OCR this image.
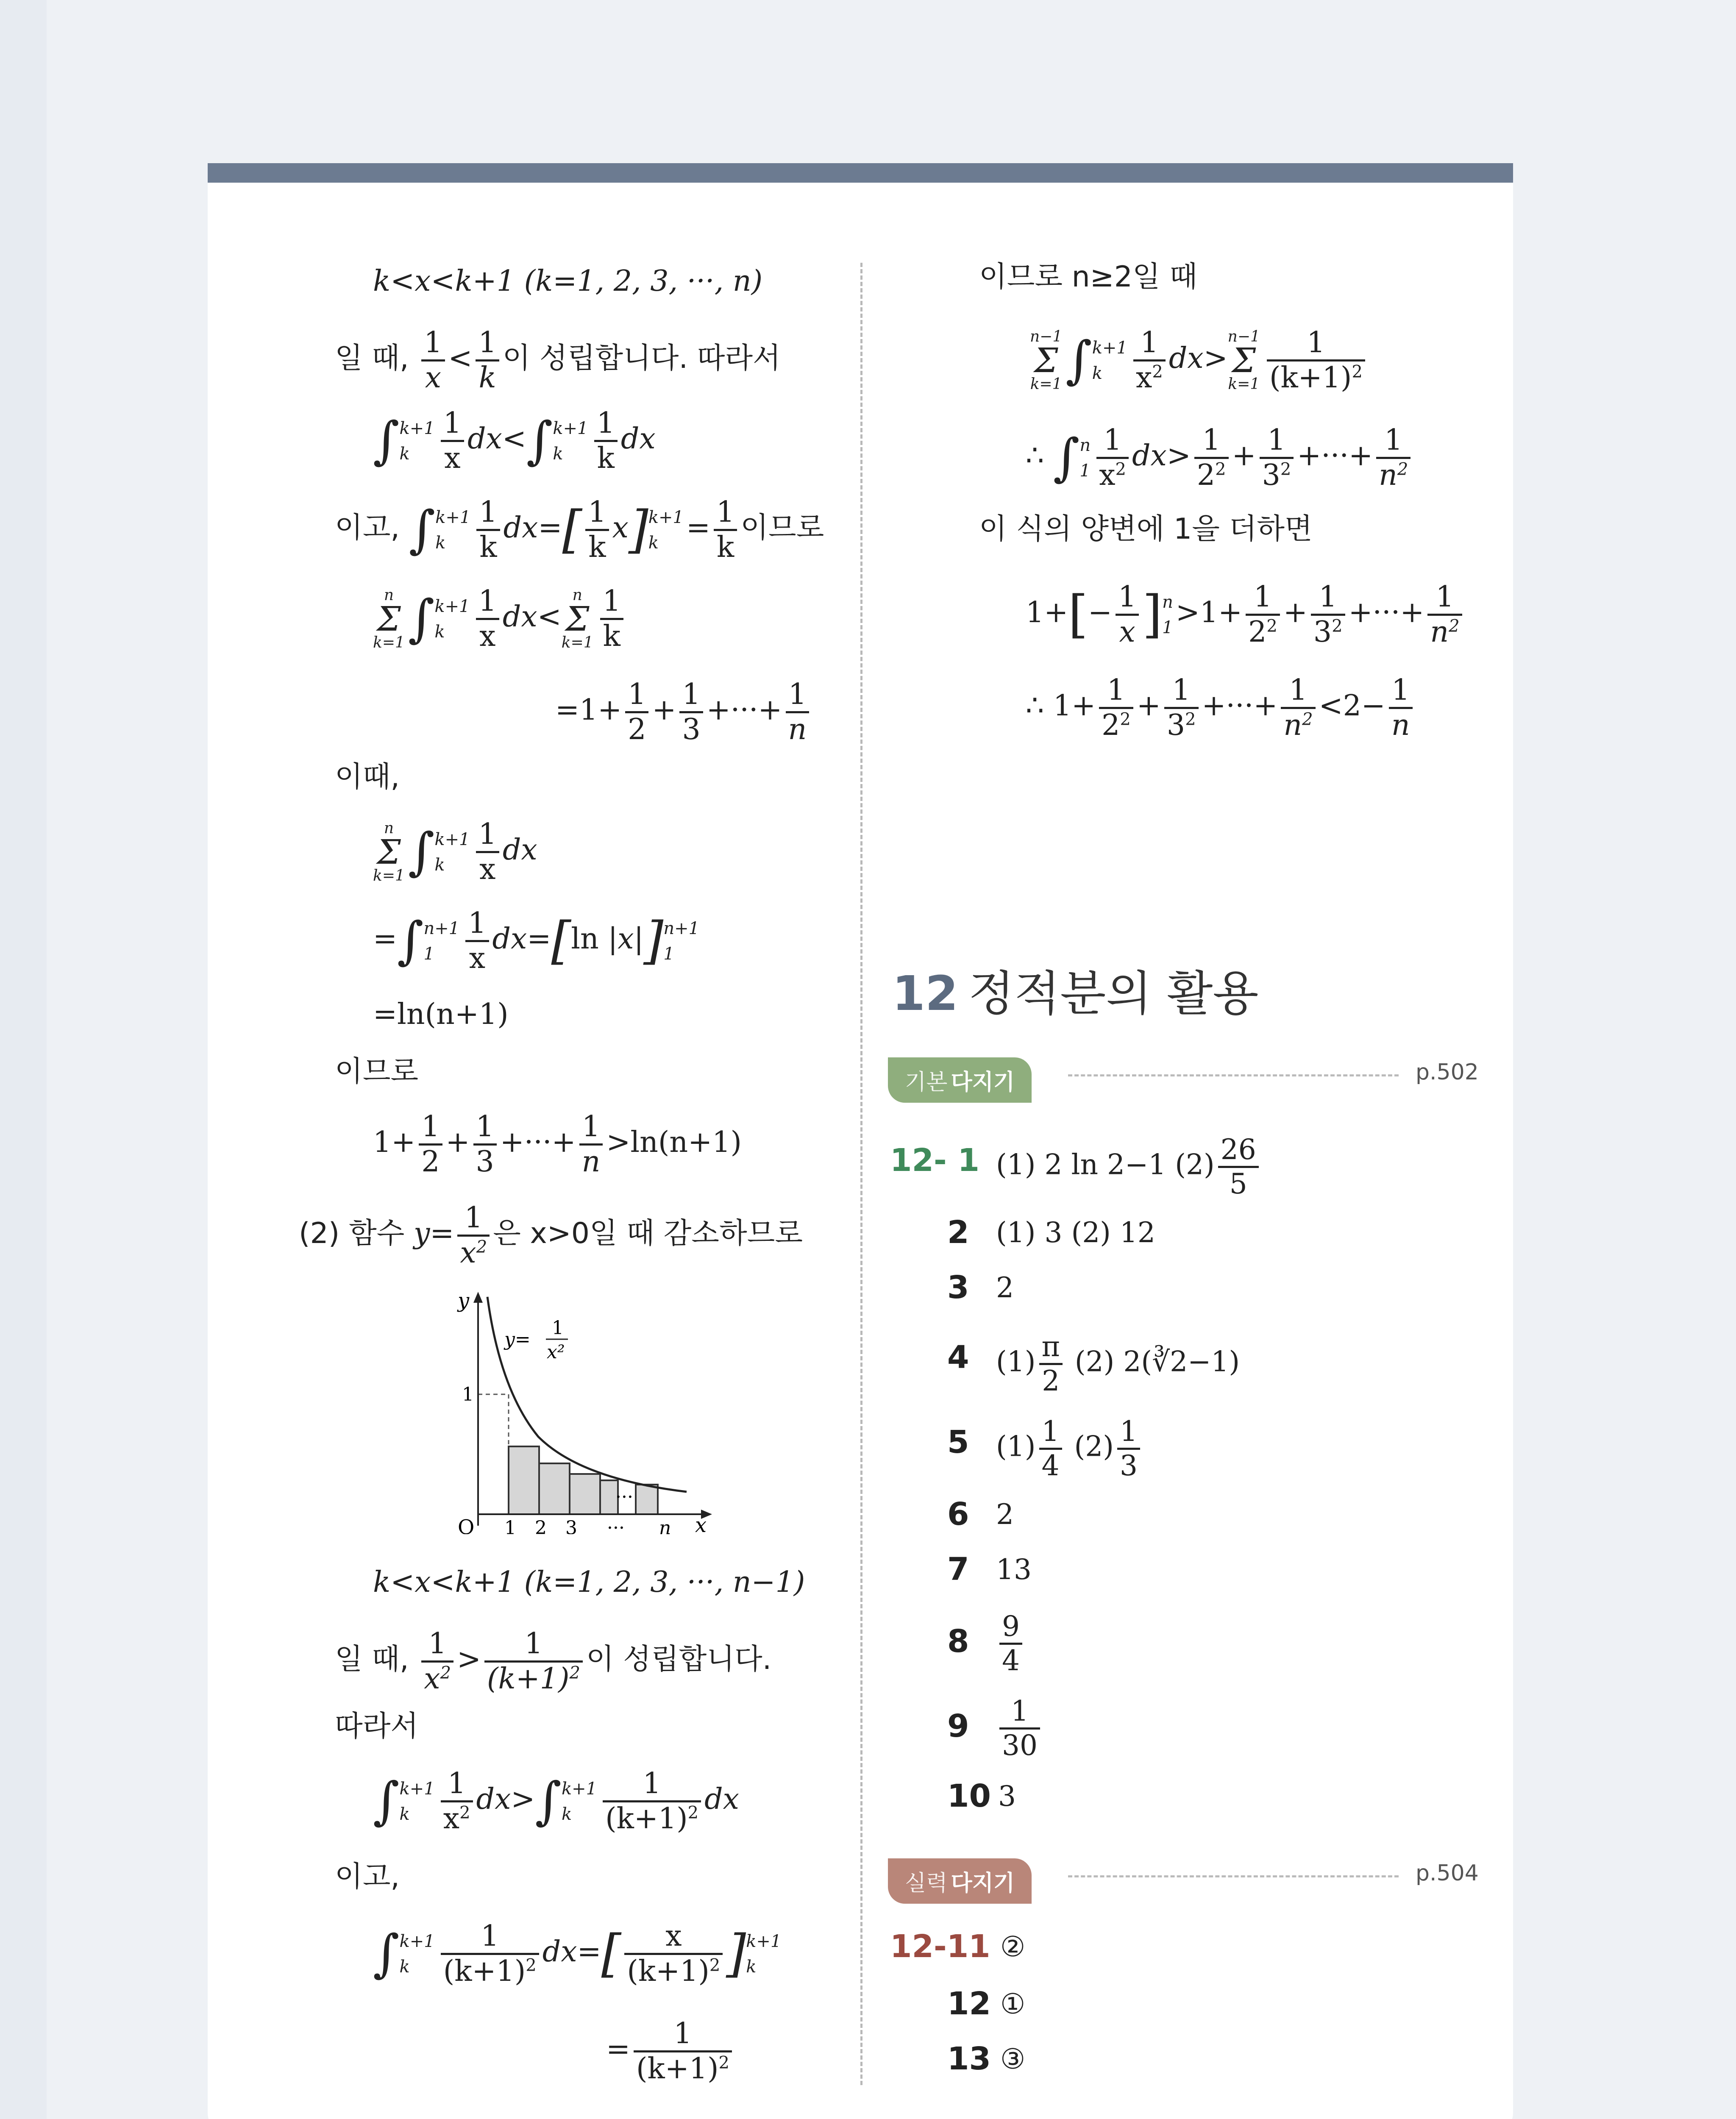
k<x<k+1 (k=1, 2, 3, ···, n)
일 때, $\frac{1}{x} < \frac{1}{k}$ 이 성립합니다. 따라서
∫k+1
k $\frac{1}{x} dx<\int k+1$
k $\frac{1}{k}$ dx
이고, ∫k+1
k $\frac{1}{k} dx=[ \frac{1}{k} x]k+1$
$k = \frac{1}{k}$ 이므로
n
Σ
k=1∫k+1
k $\frac{1}{x} dx<n$
Σ
$k=1 \frac{1}{k}$
$=1+ \frac{1}{2} + \frac{1}{3}$ +···+ $\frac{1}{n}$
이때,
n
Σ
k=1∫k+1
k $\frac{1}{x}$ dx
=∫n+1
$1 \frac{1}{x} dx=[\ln$ |x|]n+1
1
=ln(n+1)
이므로
$1+ \frac{1}{2} + \frac{1}{3}$ +···+ $\frac{1}{n} >\ln(n+1)$
(2) 함수 $y= \frac{1}{x^2}$ 은 x>0일 때 감소하므로
y
x
O
1
1 2 3 ···
···
n
y=
1
x²
k<x<k+1 (k=1, 2, 3, ···, n−1)
일 때, $\frac{1}{x^2} > \frac{1}{(k+1)^2}$ 이 성립합니다.
따라서
∫k+1
k $\frac{1}{x^2} dx>\int k+1$
k $\frac{1}{(k+1)^2}$ dx
이고,
∫k+1
k $\frac{1}{(k+1)^2} dx=[ \frac{x}{(k+1)^2} ]k+1$
k
= $\frac{1}{(k+1)^2}$
이므로 n≥2일 때
n−1
Σ
k=1∫k+1
k $\frac{1}{x^2} dx>n-1$
Σ
$k=1 \frac{1}{(k+1)^2}$
∴ ∫n
$1 \frac{1}{x^2} dx> \frac{1}{2^2} + \frac{1}{3^2}$ +···+ $\frac{1}{n^2}$
이 식의 양변에 1을 더하면
$1+[- \frac{1}{x} ]n$
$1>1+ \frac{1}{2^2} + \frac{1}{3^2}$ +···+ $\frac{1}{n^2}$
∴ $1+ \frac{1}{2^2} + \frac{1}{3^2}$ +···+ $\frac{1}{n^2} <2- \frac{1}{n}$
12 정적분의 활용
기본 다지기	p.502
12- 1 (1) 2 ln 2−1 $(2) \frac{26}{5}$
2 (1) 3 (2) 12
3 2
4 $(1) \frac{\pi}{2} (2)$ 2(∛2−1)
5 $(1) \frac{1}{4} (2) \frac{1}{3}$
6 2
7 13
$8 \frac{9}{4}$
$9 \frac{1}{30}$
10 3
실력 다지기	p.504
12-11 ②
12 ①
13 ③
